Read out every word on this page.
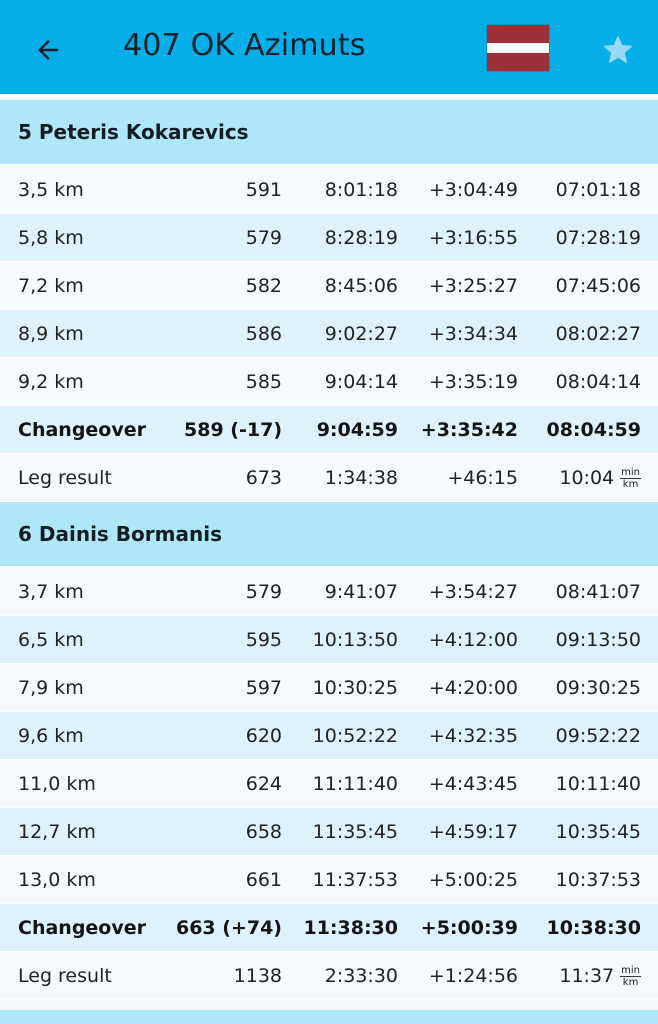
407 OK Azimuts
5 Peteris Kokarevics
3,5 km	591 8:01:18 +3:04:49 07:01:18
5,8 km	579 8:28:19 +3:16:55 07:28:19
7,2 km	582 8:45:06 +3:25:27 07:45:06
8,9 km	586 9:02:27 +3:34:34 08:02:27
9,2 km	585 9:04:14 +3:35:19 08:04:14
Changeover 589 (-17) 9:04:59 +3:35:42 08:04:59
Leg result	673 1:34:38	+46:15 10:04 $\frac{\min}{km}$
6 Dainis Bormanis
3,7 km	579 9:41:07 +3:54:27 08:41:07
6,5 km	595 10:13:50 +4:12:00 09:13:50
7,9 km	597 10:30:25 +4:20:00 09:30:25
9,6 km	620 10:52:22 +4:32:35 09:52:22
11,0 km	624 11:11:40 +4:43:45 10:11:40
12,7 km	658 11:35:45 +4:59:17 10:35:45
13,0 km	661 11:37:53 +5:00:25 10:37:53
Changeover 663 (+74) 11:38:30 +5:00:39 10:38:30
Leg result	1138 2:33:30 +1:24:56 11:37 $\frac{\min}{km}$
